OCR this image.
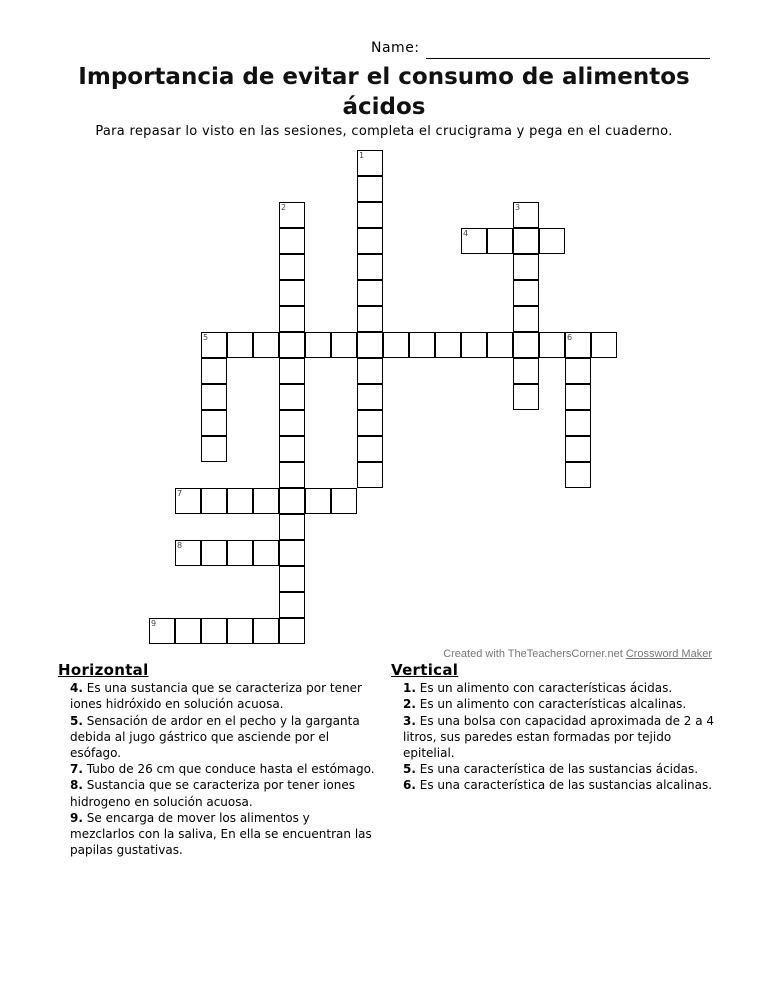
Name:
Importancia de evitar el consumo de alimentos ácidos
Para repasar lo visto en las sesiones, completa el crucigrama y pega en el cuaderno.
1
2	3
4
5	6
7
8
9
Created with TheTeachersCorner.net Crossword Maker
Horizontal

4. Es una sustancia que se caracteriza por tener iones hidróxido en solución acuosa.

5. Sensación de ardor en el pecho y la garganta debida al jugo gástrico que asciende por el esófago.

7. Tubo de 26 cm que conduce hasta el estómago.

8. Sustancia que se caracteriza por tener iones hidrogeno en solución acuosa.

9. Se encarga de mover los alimentos y mezclarlos con la saliva, En ella se encuentran las papilas gustativas.

Vertical

1. Es un alimento con características ácidas.

2. Es un alimento con características alcalinas.

3. Es una bolsa con capacidad aproximada de 2 a 4 litros, sus paredes estan formadas por tejido epitelial.

5. Es una característica de las sustancias ácidas.

6. Es una característica de las sustancias alcalinas.
